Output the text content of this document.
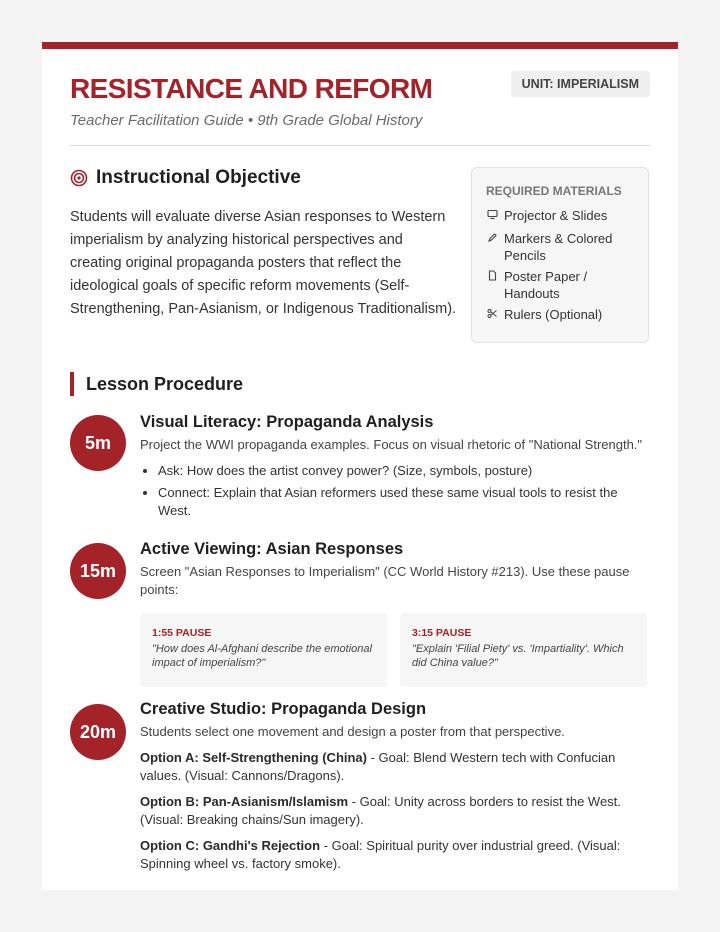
RESISTANCE AND REFORM

Teacher Facilitation Guide • 9th Grade Global History

UNIT: IMPERIALISM
Instructional Objective

Students will evaluate diverse Asian responses to Western imperialism by analyzing historical perspectives and creating original propaganda posters that reflect the ideological goals of specific reform movements (Self-Strengthening, Pan-Asianism, or Indigenous Traditionalism).

REQUIRED MATERIALS

Projector & Slides
Markers & Colored Pencils
Poster Paper / Handouts
Rulers (Optional)
Lesson Procedure
5m

Visual Literacy: Propaganda Analysis

Project the WWI propaganda examples. Focus on visual rhetoric of "National Strength."

• Ask: How does the artist convey power? (Size, symbols, posture)
• Connect: Explain that Asian reformers used these same visual tools to resist the West.
15m

Active Viewing: Asian Responses

Screen "Asian Responses to Imperialism" (CC World History #213). Use these pause points:

1:55 PAUSE

"How does Al-Afghani describe the emotional impact of imperialism?"

3:15 PAUSE

"Explain 'Filial Piety' vs. 'Impartiality'. Which did China value?"

20m

Creative Studio: Propaganda Design

Students select one movement and design a poster from that perspective.

Option A: Self-Strengthening (China) - Goal: Blend Western tech with Confucian values. (Visual: Cannons/Dragons).

Option B: Pan-Asianism/Islamism - Goal: Unity across borders to resist the West. (Visual: Breaking chains/Sun imagery).

Option C: Gandhi's Rejection - Goal: Spiritual purity over industrial greed. (Visual: Spinning wheel vs. factory smoke).
